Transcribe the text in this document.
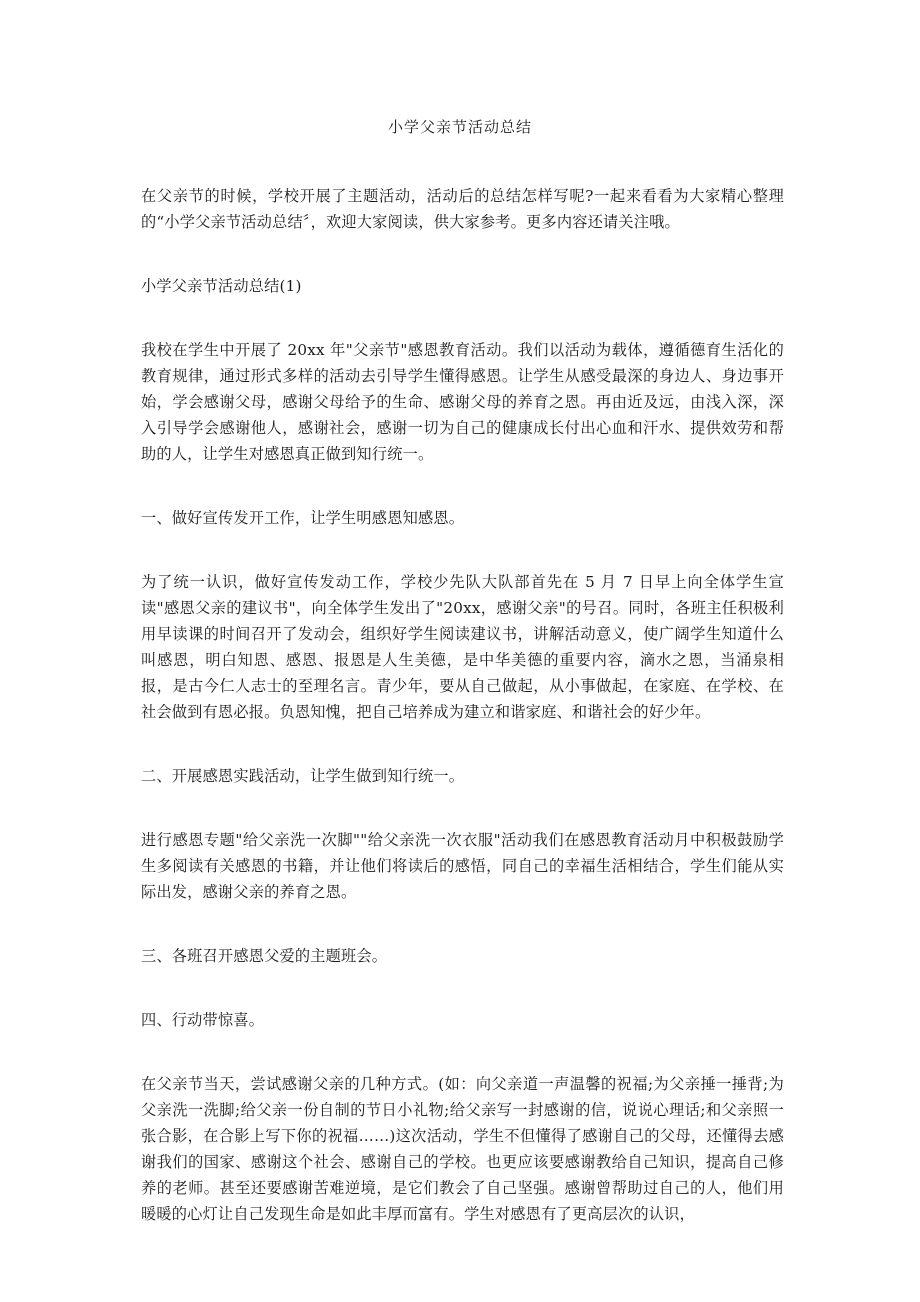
小学父亲节活动总结

在父亲节的时候，学校开展了主题活动，活动后的总结怎样写呢?一起来看看为大家精心整理的“小学父亲节活动总结〞，欢迎大家阅读，供大家参考。更多内容还请关注哦。

小学父亲节活动总结(1)

我校在学生中开展了 20xx 年"父亲节"感恩教育活动。我们以活动为载体，遵循德育生活化的教育规律，通过形式多样的活动去引导学生懂得感恩。让学生从感受最深的身边人、身边事开始，学会感谢父母，感谢父母给予的生命、感谢父母的养育之恩。再由近及远，由浅入深，深入引导学会感谢他人，感谢社会，感谢一切为自己的健康成长付出心血和汗水、提供效劳和帮助的人，让学生对感恩真正做到知行统一。

一、做好宣传发开工作，让学生明感恩知感恩。

为了统一认识，做好宣传发动工作，学校少先队大队部首先在 5 月 7 日早上向全体学生宣读"感恩父亲的建议书"，向全体学生发出了"20xx，感谢父亲"的号召。同时，各班主任积极利用早读课的时间召开了发动会，组织好学生阅读建议书，讲解活动意义，使广阔学生知道什么叫感恩，明白知恩、感恩、报恩是人生美德，是中华美德的重要内容，滴水之恩，当涌泉相报，是古今仁人志士的至理名言。青少年，要从自己做起，从小事做起，在家庭、在学校、在社会做到有恩必报。负恩知愧，把自己培养成为建立和谐家庭、和谐社会的好少年。

二、开展感恩实践活动，让学生做到知行统一。

进行感恩专题"给父亲洗一次脚""给父亲洗一次衣服"活动我们在感恩教育活动月中积极鼓励学生多阅读有关感恩的书籍，并让他们将读后的感悟，同自己的幸福生活相结合，学生们能从实际出发，感谢父亲的养育之恩。

三、各班召开感恩父爱的主题班会。

四、行动带惊喜。

在父亲节当天，尝试感谢父亲的几种方式。(如：向父亲道一声温馨的祝福;为父亲捶一捶背;为父亲洗一洗脚;给父亲一份自制的节日小礼物;给父亲写一封感谢的信，说说心理话;和父亲照一张合影，在合影上写下你的祝福……)这次活动，学生不但懂得了感谢自己的父母，还懂得去感谢我们的国家、感谢这个社会、感谢自己的学校。也更应该要感谢教给自己知识，提高自己修养的老师。甚至还要感谢苦难逆境，是它们教会了自己坚强。感谢曾帮助过自己的人，他们用暖暖的心灯让自己发现生命是如此丰厚而富有。学生对感恩有了更高层次的认识，
